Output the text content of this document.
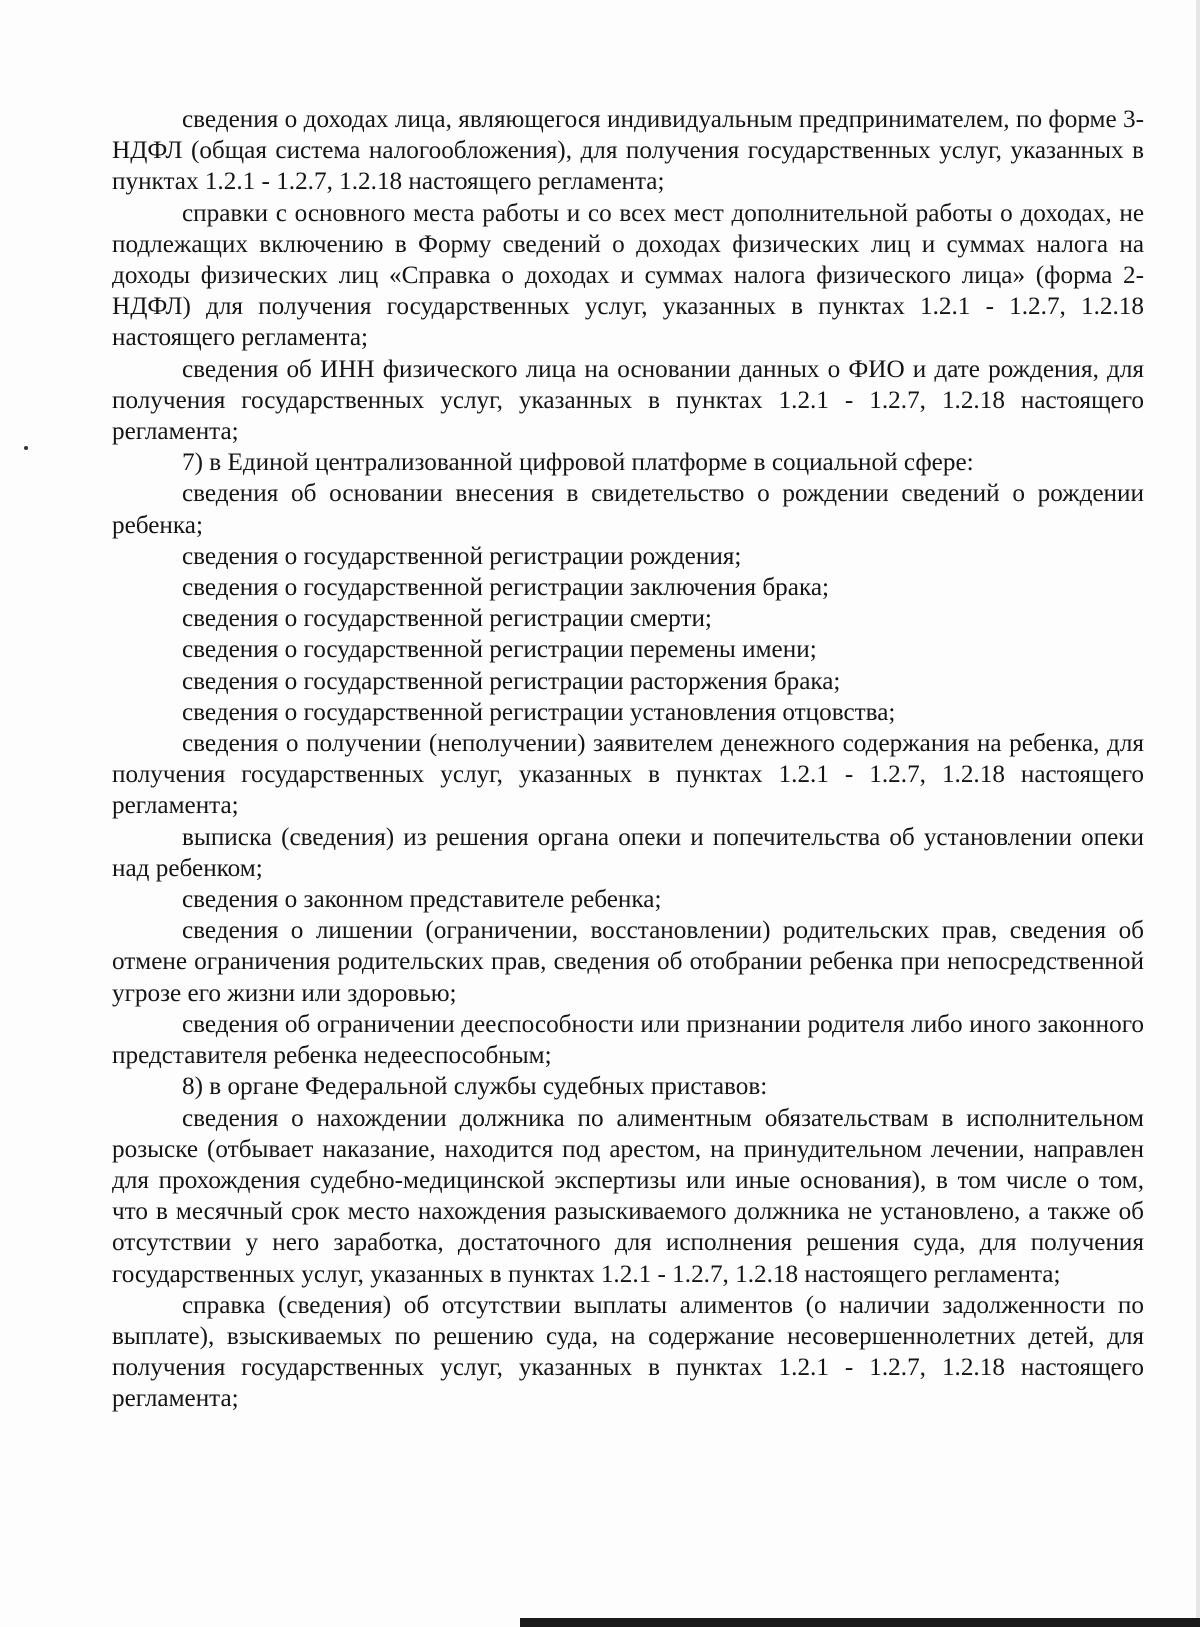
сведения о доходах лица, являющегося индивидуальным предпринимателем, по форме 3-НДФЛ (общая система налогообложения), для получения государственных услуг, указанных в пунктах 1.2.1 - 1.2.7, 1.2.18 настоящего регламента;

справки с основного места работы и со всех мест дополнительной работы о доходах, не подлежащих включению в Форму сведений о доходах физических лиц и суммах налога на доходы физических лиц «Справка о доходах и суммах налога физического лица» (форма 2-НДФЛ) для получения государственных услуг, указанных в пунктах 1.2.1 - 1.2.7, 1.2.18 настоящего регламента;

сведения об ИНН физического лица на основании данных о ФИО и дате рождения, для получения государственных услуг, указанных в пунктах 1.2.1 - 1.2.7, 1.2.18 настоящего регламента;

7) в Единой централизованной цифровой платформе в социальной сфере:

сведения об основании внесения в свидетельство о рождении сведений о рождении ребенка;

сведения о государственной регистрации рождения;

сведения о государственной регистрации заключения брака;

сведения о государственной регистрации смерти;

сведения о государственной регистрации перемены имени;

сведения о государственной регистрации расторжения брака;

сведения о государственной регистрации установления отцовства;

сведения о получении (неполучении) заявителем денежного содержания на ребенка, для получения государственных услуг, указанных в пунктах 1.2.1 - 1.2.7, 1.2.18 настоящего регламента;

выписка (сведения) из решения органа опеки и попечительства об установлении опеки над ребенком;

сведения о законном представителе ребенка;

сведения о лишении (ограничении, восстановлении) родительских прав, сведения об отмене ограничения родительских прав, сведения об отобрании ребенка при непосредственной угрозе его жизни или здоровью;

сведения об ограничении дееспособности или признании родителя либо иного законного представителя ребенка недееспособным;

8) в органе Федеральной службы судебных приставов:

сведения о нахождении должника по алиментным обязательствам в исполнительном розыске (отбывает наказание, находится под арестом, на принудительном лечении, направлен для прохождения судебно-медицинской экспертизы или иные основания), в том числе о том, что в месячный срок место нахождения разыскиваемого должника не установлено, а также об отсутствии у него заработка, достаточного для исполнения решения суда, для получения государственных услуг, указанных в пунктах 1.2.1 - 1.2.7, 1.2.18 настоящего регламента;

справка (сведения) об отсутствии выплаты алиментов (о наличии задолженности по выплате), взыскиваемых по решению суда, на содержание несовершеннолетних детей, для получения государственных услуг, указанных в пунктах 1.2.1 - 1.2.7, 1.2.18 настоящего регламента;
